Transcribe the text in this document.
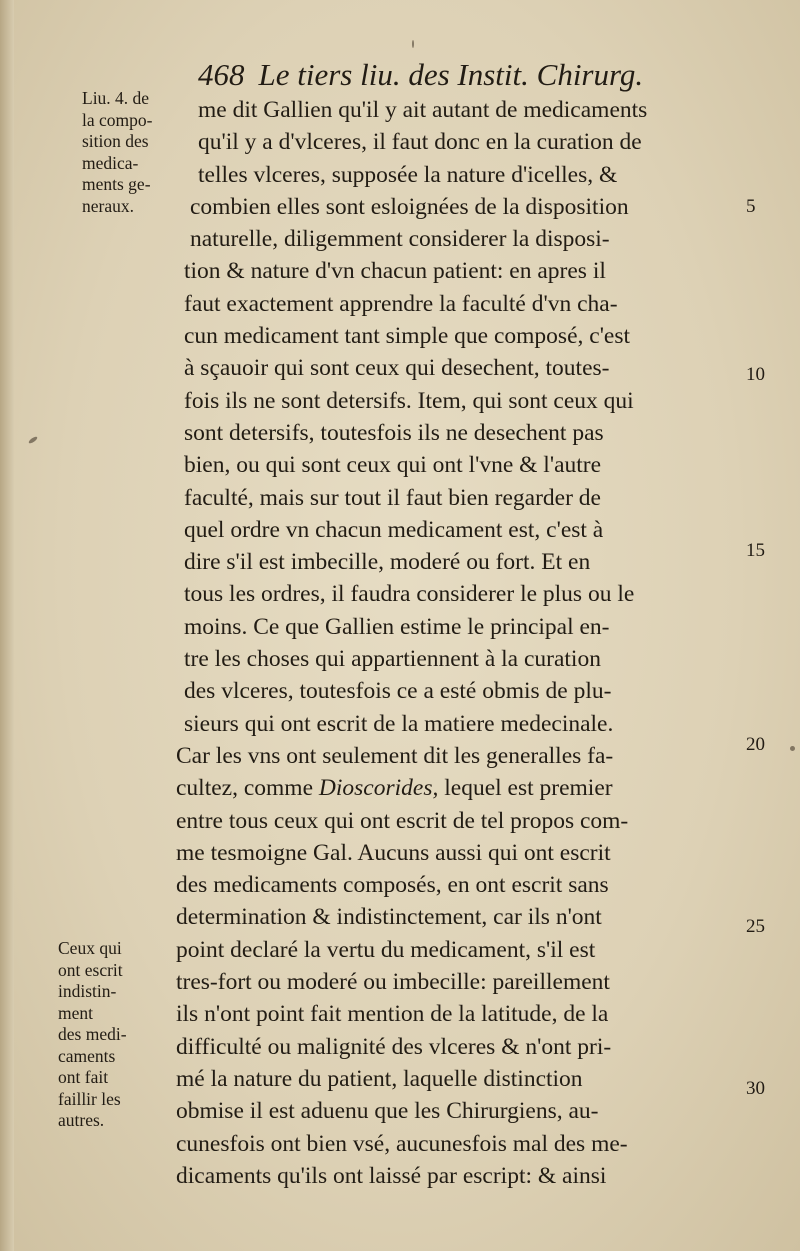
468 Le tiers liu. des Instit. Chirurg.
Liu. 4. de
la compo-
sition des
medica-
ments ge-
neraux.
Ceux qui
ont escrit
indistin-
ment
des medi-
caments
ont fait
faillir les
autres.
me dit Gallien qu'il y ait autant de medicaments
qu'il y a d'vlceres, il faut donc en la curation de
telles vlceres, supposée la nature d'icelles, &
combien elles sont esloignées de la disposition
naturelle, diligemment considerer la disposi-
tion & nature d'vn chacun patient: en apres il
faut exactement apprendre la faculté d'vn cha-
cun medicament tant simple que composé, c'est
à sçauoir qui sont ceux qui desechent, toutes-
fois ils ne sont detersifs. Item, qui sont ceux qui
sont detersifs, toutesfois ils ne desechent pas
bien, ou qui sont ceux qui ont l'vne & l'autre
faculté, mais sur tout il faut bien regarder de
quel ordre vn chacun medicament est, c'est à
dire s'il est imbecille, moderé ou fort. Et en
tous les ordres, il faudra considerer le plus ou le
moins. Ce que Gallien estime le principal en-
tre les choses qui appartiennent à la curation
des vlceres, toutesfois ce a esté obmis de plu-
sieurs qui ont escrit de la matiere medecinale.
Car les vns ont seulement dit les generalles fa-
cultez, comme Dioscorides, lequel est premier
entre tous ceux qui ont escrit de tel propos com-
me tesmoigne Gal. Aucuns aussi qui ont escrit
des medicaments composés, en ont escrit sans
determination & indistinctement, car ils n'ont
point declaré la vertu du medicament, s'il est
tres-fort ou moderé ou imbecille: pareillement
ils n'ont point fait mention de la latitude, de la
difficulté ou malignité des vlceres & n'ont pri-
mé la nature du patient, laquelle distinction
obmise il est aduenu que les Chirurgiens, au-
cunesfois ont bien vsé, aucunesfois mal des me-
dicaments qu'ils ont laissé par escript: & ainsi
5
10
15
20
25
30
